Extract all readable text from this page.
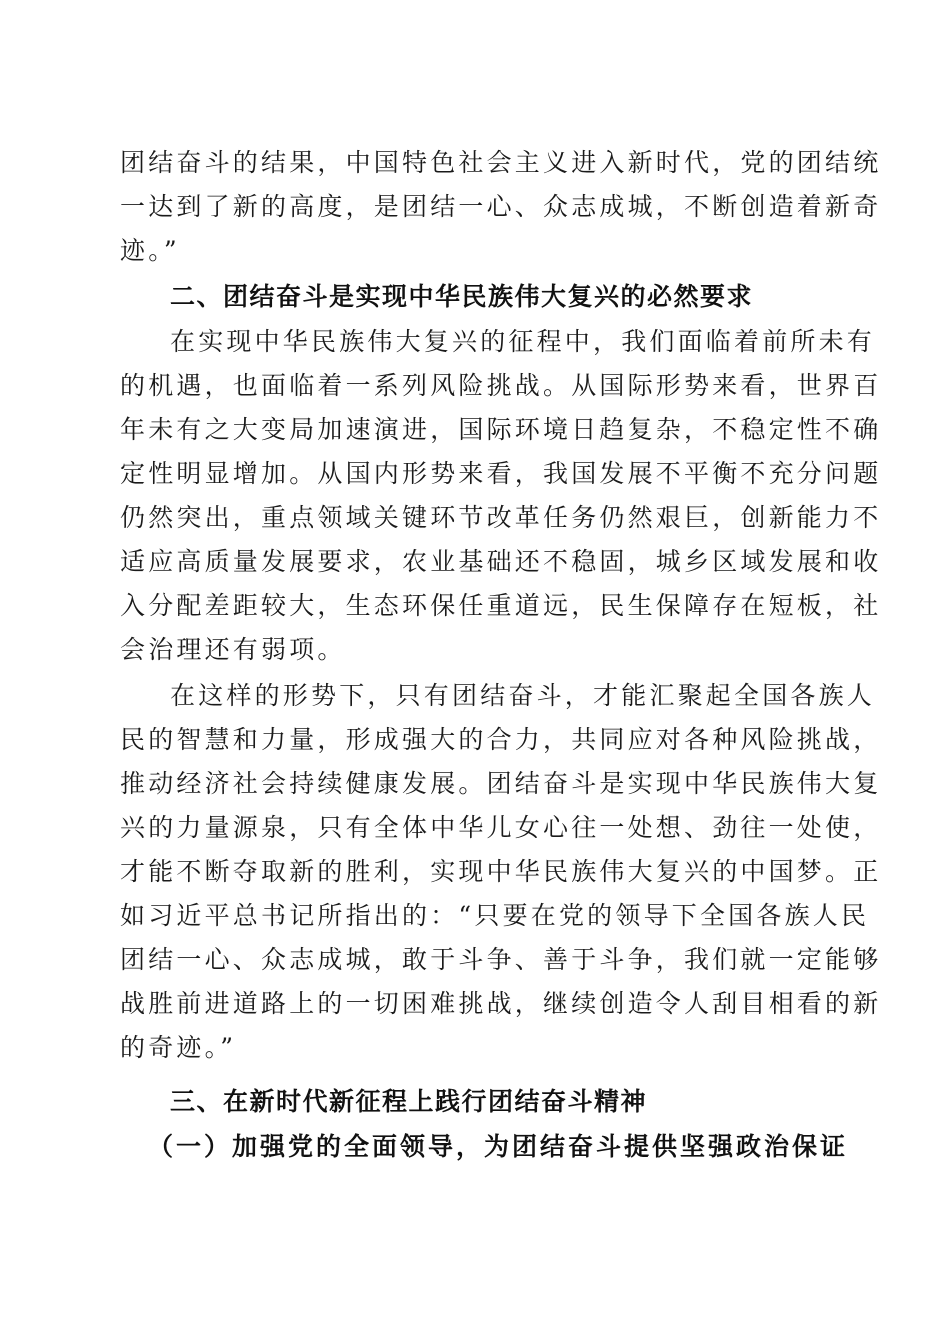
团结奋斗的结果，中国特色社会主义进入新时代，党的团结统
一达到了新的高度，是团结一心、众志成城，不断创造着新奇
迹。”
二、团结奋斗是实现中华民族伟大复兴的必然要求
在实现中华民族伟大复兴的征程中，我们面临着前所未有
的机遇，也面临着一系列风险挑战。从国际形势来看，世界百
年未有之大变局加速演进，国际环境日趋复杂，不稳定性不确
定性明显增加。从国内形势来看，我国发展不平衡不充分问题
仍然突出，重点领域关键环节改革任务仍然艰巨，创新能力不
适应高质量发展要求，农业基础还不稳固，城乡区域发展和收
入分配差距较大，生态环保任重道远，民生保障存在短板，社
会治理还有弱项。
在这样的形势下，只有团结奋斗，才能汇聚起全国各族人
民的智慧和力量，形成强大的合力，共同应对各种风险挑战，
推动经济社会持续健康发展。团结奋斗是实现中华民族伟大复
兴的力量源泉，只有全体中华儿女心往一处想、劲往一处使，
才能不断夺取新的胜利，实现中华民族伟大复兴的中国梦。正
如习近平总书记所指出的：“只要在党的领导下全国各族人民
团结一心、众志成城，敢于斗争、善于斗争，我们就一定能够
战胜前进道路上的一切困难挑战，继续创造令人刮目相看的新
的奇迹。”
三、在新时代新征程上践行团结奋斗精神
（一）加强党的全面领导，为团结奋斗提供坚强政治保证
